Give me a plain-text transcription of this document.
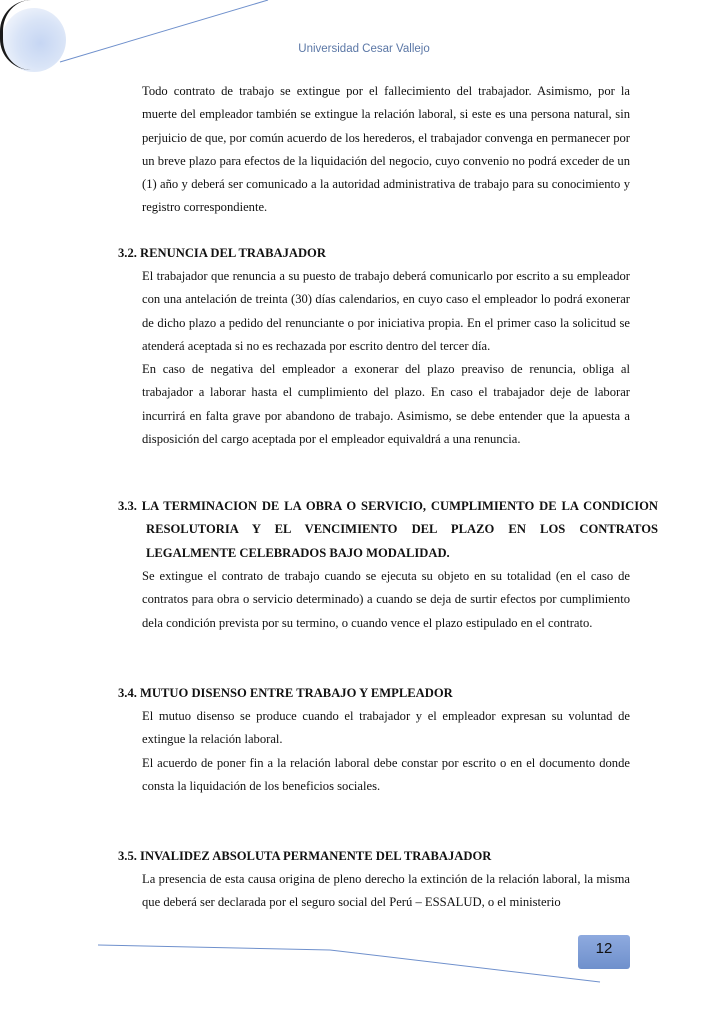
Universidad Cesar Vallejo

Todo contrato de trabajo se extingue por el fallecimiento del trabajador. Asimismo, por la muerte del empleador también se extingue la relación laboral, si este es una persona natural, sin perjuicio de que, por común acuerdo de los herederos, el trabajador convenga en permanecer por un breve plazo para efectos de la liquidación del negocio, cuyo convenio no podrá exceder de un (1) año y deberá ser comunicado a la autoridad administrativa de trabajo para su conocimiento y registro correspondiente.

3.2. RENUNCIA DEL TRABAJADOR

El trabajador que renuncia a su puesto de trabajo deberá comunicarlo por escrito a su empleador con una antelación de treinta (30) días calendarios, en cuyo caso el empleador lo podrá exonerar de dicho plazo a pedido del renunciante o por iniciativa propia. En el primer caso la solicitud se atenderá aceptada si no es rechazada por escrito dentro del tercer día.

En caso de negativa del empleador a exonerar del plazo preaviso de renuncia, obliga al trabajador a laborar hasta el cumplimiento del plazo. En caso el trabajador deje de laborar incurrirá en falta grave por abandono de trabajo. Asimismo, se debe entender que la apuesta a disposición del cargo aceptada por el empleador equivaldrá a una renuncia.

3.3. LA TERMINACION DE LA OBRA O SERVICIO, CUMPLIMIENTO DE LA CONDICION RESOLUTORIA Y EL VENCIMIENTO DEL PLAZO EN LOS CONTRATOS LEGALMENTE CELEBRADOS BAJO MODALIDAD.

Se extingue el contrato de trabajo cuando se ejecuta su objeto en su totalidad (en el caso de contratos para obra o servicio determinado) a cuando se deja de surtir efectos por cumplimiento dela condición prevista por su termino, o cuando vence el plazo estipulado en el contrato.

3.4. MUTUO DISENSO ENTRE TRABAJO Y EMPLEADOR

El mutuo disenso se produce cuando el trabajador y el empleador expresan su voluntad de extingue la relación laboral.

El acuerdo de poner fin a la relación laboral debe constar por escrito o en el documento donde consta la liquidación de los beneficios sociales.

3.5. INVALIDEZ ABSOLUTA PERMANENTE DEL TRABAJADOR

La presencia de esta causa origina de pleno derecho la extinción de la relación laboral, la misma que deberá ser declarada por el seguro social del Perú – ESSALUD, o el ministerio

12
